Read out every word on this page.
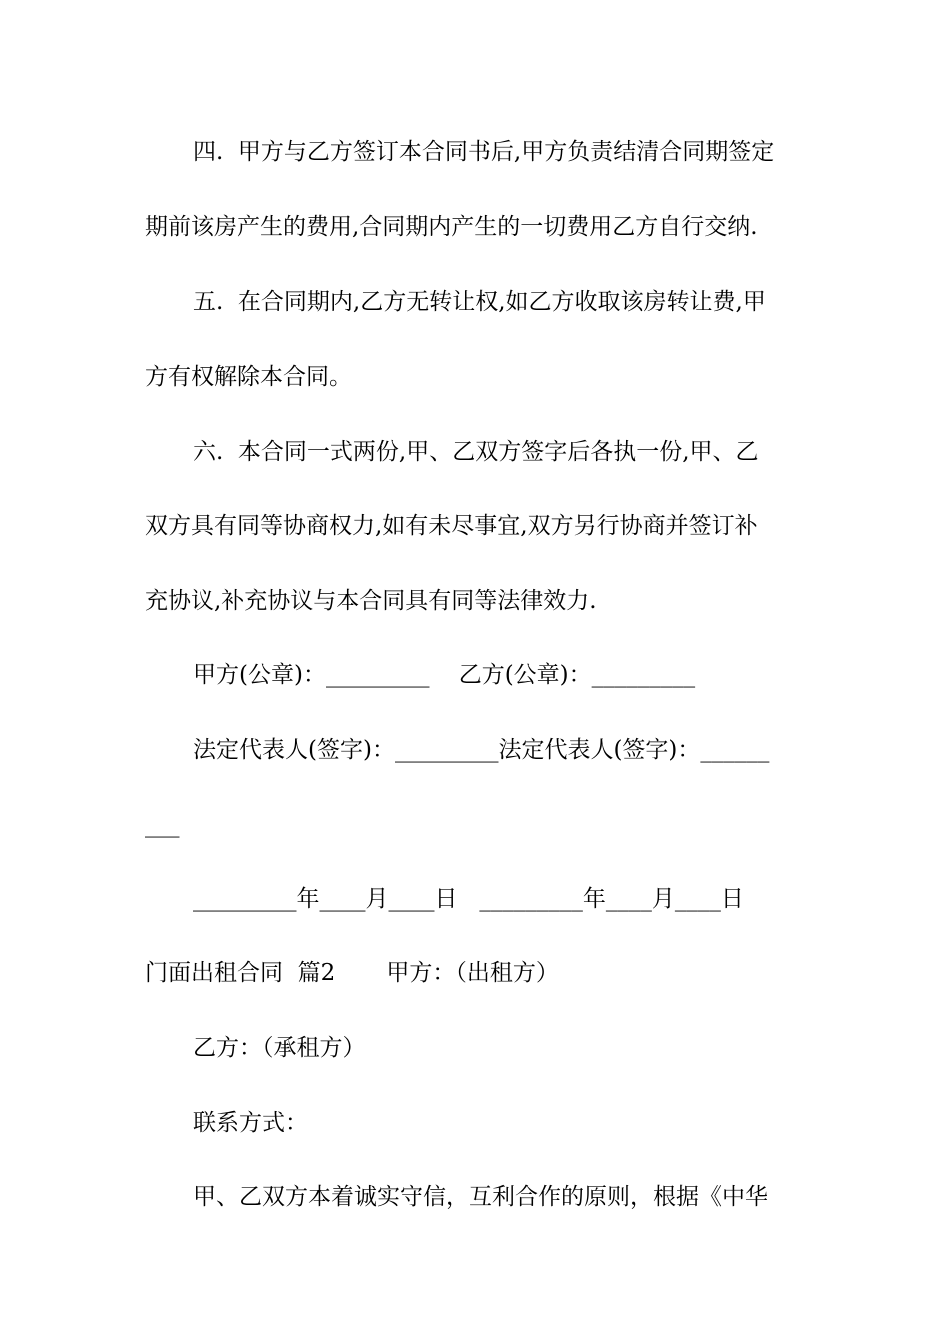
四.  甲方与乙方签订本合同书后,甲方负责结清合同期签定
期前该房产生的费用,合同期内产生的一切费用乙方自行交纳.
五.  在合同期内,乙方无转让权,如乙方收取该房转让费,甲
方有权解除本合同。
六.  本合同一式两份,甲、乙双方签字后各执一份,甲、乙
双方具有同等协商权力,如有未尽事宜,双方另行协商并签订补
充协议,补充协议与本合同具有同等法律效力.
甲方(公章)：_________    乙方(公章)：_________
法定代表人(签字)：_________法定代表人(签字)：______
___
_________年____月____日   _________年____月____日
门面出租合同  篇2       甲方：（出租方）
乙方：（承租方）
联系方式：
甲、乙双方本着诚实守信，互利合作的原则，根据《中华
